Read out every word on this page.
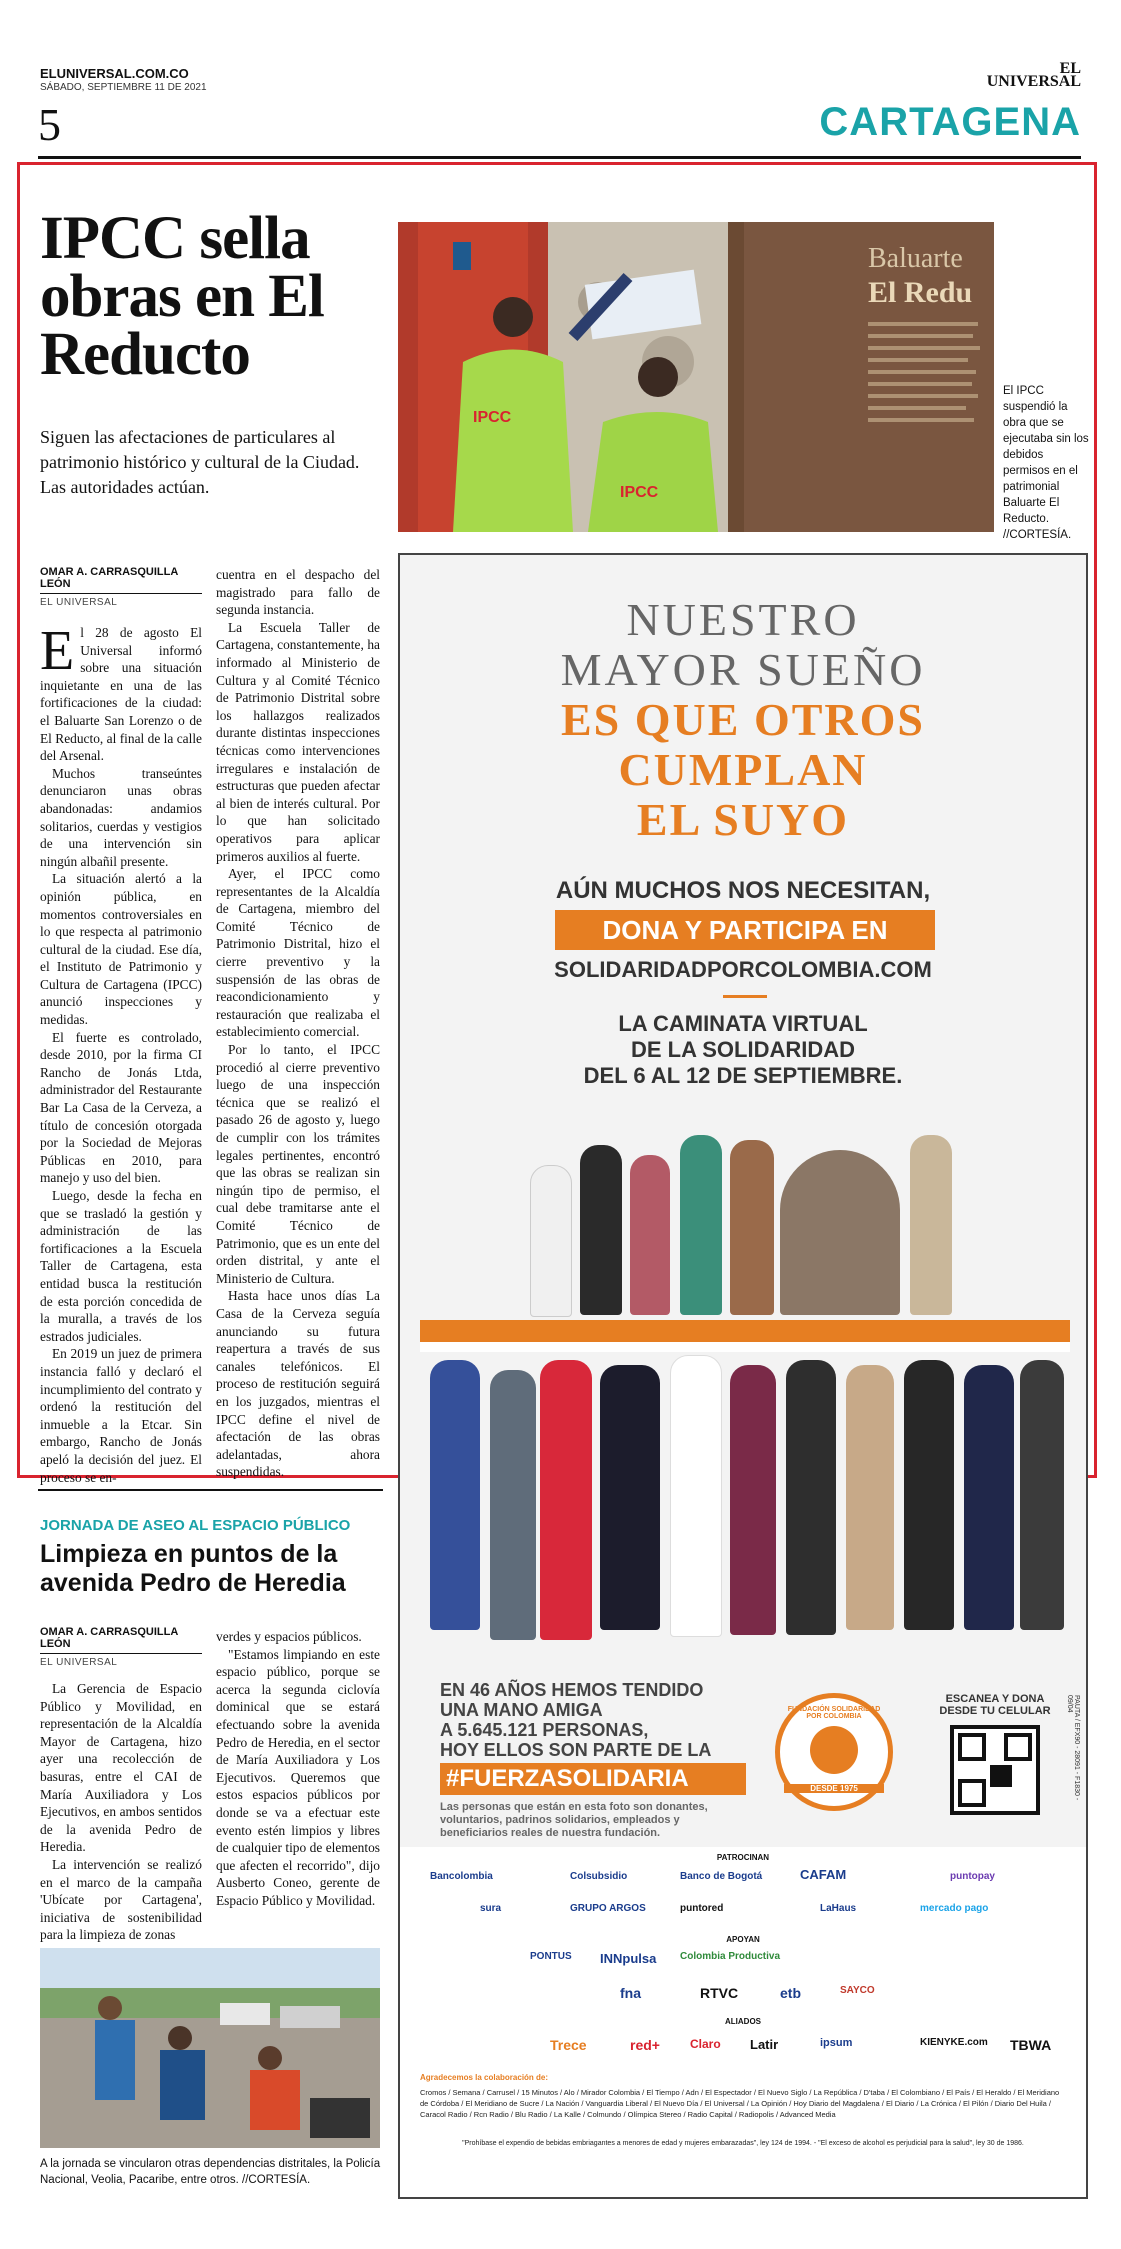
ELUNIVERSAL.COM.CO
SÁBADO, SEPTIEMBRE 11 DE 2021
5
EL
UNIVERSAL
CARTAGENA
IPCC sella obras en El Reducto
Siguen las afectaciones de particulares al patrimonio histórico y cultural de la Ciudad. Las autoridades actúan.
OMAR A. CARRASQUILLA LEÓN
EL UNIVERSAL
E l 28 de agosto El Universal informó sobre una situación inquietante en una de las fortificaciones de la ciudad: el Baluarte San Lorenzo o de El Reducto, al final de la calle del Arsenal.

Muchos transeúntes denunciaron unas obras abandonadas: andamios solitarios, cuerdas y vestigios de una intervención sin ningún albañil presente.

La situación alertó a la opinión pública, en momentos controversiales en lo que respecta al patrimonio cultural de la ciudad. Ese día, el Instituto de Patrimonio y Cultura de Cartagena (IPCC) anunció inspecciones y medidas.

El fuerte es controlado, desde 2010, por la firma CI Rancho de Jonás Ltda, administrador del Restaurante Bar La Casa de la Cerveza, a título de concesión otorgada por la Sociedad de Mejoras Públicas en 2010, para manejo y uso del bien.

Luego, desde la fecha en que se trasladó la gestión y administración de las fortificaciones a la Escuela Taller de Cartagena, esta entidad busca la restitución de esta porción concedida de la muralla, a través de los estrados judiciales.

En 2019 un juez de primera instancia falló y declaró el incumplimiento del contrato y ordenó la restitución del inmueble a la Etcar. Sin embargo, Rancho de Jonás apeló la decisión del juez. El proceso se en-

cuentra en el despacho del magistrado para fallo de segunda instancia.

La Escuela Taller de Cartagena, constantemente, ha informado al Ministerio de Cultura y al Comité Técnico de Patrimonio Distrital sobre los hallazgos realizados durante distintas inspecciones técnicas como intervenciones irregulares e instalación de estructuras que pueden afectar al bien de interés cultural. Por lo que han solicitado operativos para aplicar primeros auxilios al fuerte.

Ayer, el IPCC como representantes de la Alcaldía de Cartagena, miembro del Comité Técnico de Patrimonio Distrital, hizo el cierre preventivo y la suspensión de las obras de reacondicionamiento y restauración que realizaba el establecimiento comercial.

Por lo tanto, el IPCC procedió al cierre preventivo luego de una inspección técnica que se realizó el pasado 26 de agosto y, luego de cumplir con los trámites legales pertinentes, encontró que las obras se realizan sin ningún tipo de permiso, el cual debe tramitarse ante el Comité Técnico de Patrimonio, que es un ente del orden distrital, y ante el Ministerio de Cultura.

Hasta hace unos días La Casa de la Cerveza seguía anunciando su futura reapertura a través de sus canales telefónicos. El proceso de restitución seguirá en los juzgados, mientras el IPCC define el nivel de afectación de las obras adelantadas, ahora suspendidas.

Baluarte
El Redu
IPCC
IPCC
El IPCC suspendió la obra que se ejecutaba sin los debidos permisos en el patrimonial Baluarte El Reducto. //CORTESÍA.
NUESTRO
MAYOR SUEÑO
ES QUE OTROS
CUMPLAN
EL SUYO
AÚN MUCHOS NOS NECESITAN,
DONA Y PARTICIPA EN
SOLIDARIDADPORCOLOMBIA.COM
LA CAMINATA VIRTUAL
DE LA SOLIDARIDAD
DEL 6 AL 12 DE SEPTIEMBRE.
EN 46 AÑOS HEMOS TENDIDO
UNA MANO AMIGA
A 5.645.121 PERSONAS,
HOY ELLOS SON PARTE DE LA
#FUERZASOLIDARIA
Las personas que están en esta foto son donantes, voluntarios, padrinos solidarios, empleados y beneficiarios reales de nuestra fundación.
FUNDACIÓN SOLIDARIDAD POR COLOMBIA
DESDE 1975
ESCANEA Y DONA
DESDE TU CELULAR	PAUTA / EFX90 - 28091 - F1830 - 09/04
PATROCINAN
Bancolombia	Colsubsidio	Banco de Bogotá	CAFAM	puntopay
sura	GRUPO ARGOS	puntored	LaHaus	mercado pago
APOYAN
PONTUS INNpulsa Colombia Productiva
fna	RTVC	etb	SAYCO
ALIADOS
Trece	red+	Claro Latir	ipsum	KIENYKE.com TBWA
Agradecemos la colaboración de:
Cromos / Semana / Carrusel / 15 Minutos / Alo / Mirador Colombia / El Tiempo / Adn / El Espectador / El Nuevo Siglo / La República / D'taba / El Colombiano / El País / El Heraldo / El Meridiano de Córdoba / El Meridiano de Sucre / La Nación / Vanguardia Liberal / El Nuevo Día / El Universal / La Opinión / Hoy Diario del Magdalena / El Diario / La Crónica / El Pilón / Diario Del Huila / Caracol Radio / Rcn Radio / Blu Radio / La Kalle / Colmundo / Olímpica Stereo / Radio Capital / Radiopolis / Advanced Media
"Prohíbase el expendio de bebidas embriagantes a menores de edad y mujeres embarazadas", ley 124 de 1994. - "El exceso de alcohol es perjudicial para la salud", ley 30 de 1986.
JORNADA DE ASEO AL ESPACIO PÚBLICO
Limpieza en puntos de la avenida Pedro de Heredia
OMAR A. CARRASQUILLA LEÓN
EL UNIVERSAL

La Gerencia de Espacio Público y Movilidad, en representación de la Alcaldía Mayor de Cartagena, hizo ayer una recolección de basuras, entre el CAI de María Auxiliadora y Los Ejecutivos, en ambos sentidos de la avenida Pedro de Heredia.

La intervención se realizó en el marco de la campaña 'Ubícate por Cartagena', iniciativa de sostenibilidad para la limpieza de zonas

verdes y espacios públicos.

"Estamos limpiando en este espacio público, porque se acerca la segunda ciclovía dominical que se estará efectuando sobre la avenida Pedro de Heredia, en el sector de María Auxiliadora y Los Ejecutivos. Queremos que estos espacios públicos por donde se va a efectuar este evento estén limpios y libres de cualquier tipo de elementos que afecten el recorrido", dijo Ausberto Coneo, gerente de Espacio Público y Movilidad.

A la jornada se vincularon otras dependencias distritales, la Policía Nacional, Veolia, Pacaribe, entre otros. //CORTESÍA.
